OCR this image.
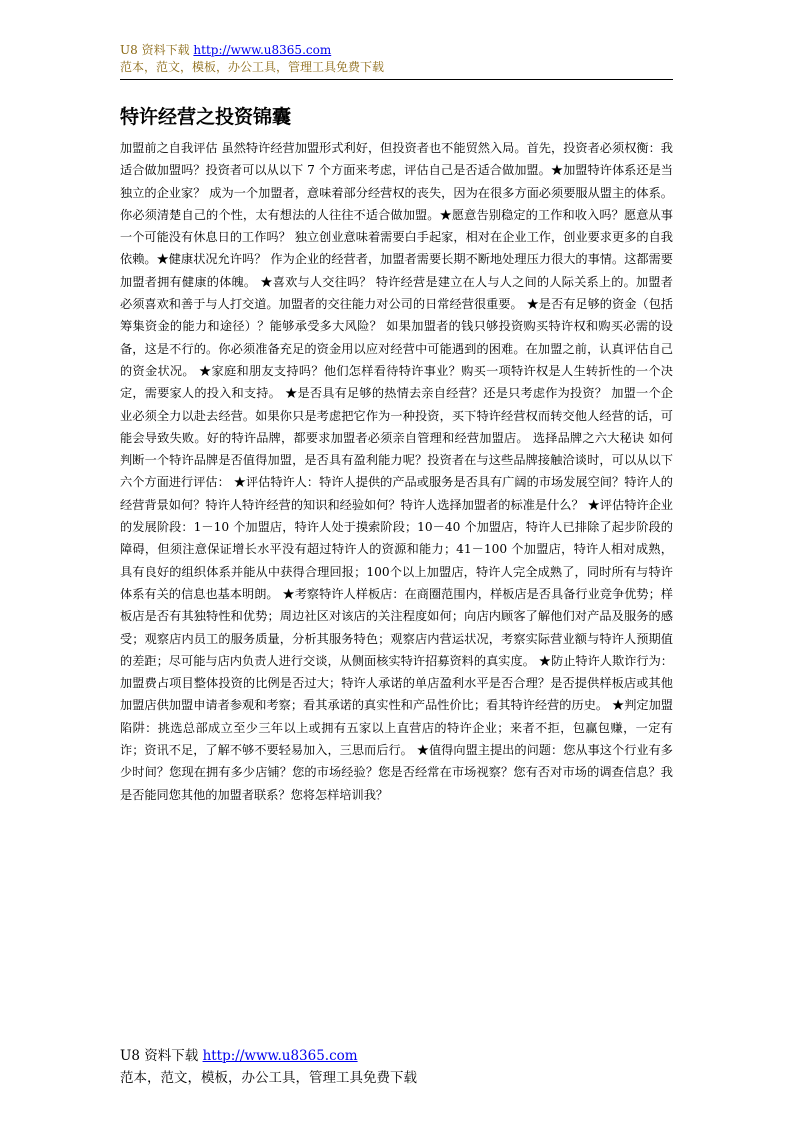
U8 资料下载 http://www.u8365.com
范本，范文，模板，办公工具，管理工具免费下载
特许经营之投资锦囊
加盟前之自我评估 虽然特许经营加盟形式利好，但投资者也不能贸然入局。首先，投资者必须权衡：我适合做加盟吗？投资者可以从以下 7 个方面来考虑，评估自己是否适合做加盟。★加盟特许体系还是当独立的企业家？ 成为一个加盟者，意味着部分经营权的丧失，因为在很多方面必须要服从盟主的体系。你必须清楚自己的个性，太有想法的人往往不适合做加盟。★愿意告别稳定的工作和收入吗？愿意从事一个可能没有休息日的工作吗？ 独立创业意味着需要白手起家，相对在企业工作，创业要求更多的自我依赖。★健康状况允许吗？ 作为企业的经营者，加盟者需要长期不断地处理压力很大的事情。这都需要加盟者拥有健康的体魄。 ★喜欢与人交往吗？ 特许经营是建立在人与人之间的人际关系上的。加盟者必须喜欢和善于与人打交道。加盟者的交往能力对公司的日常经营很重要。 ★是否有足够的资金（包括筹集资金的能力和途径）？能够承受多大风险？ 如果加盟者的钱只够投资购买特许权和购买必需的设备，这是不行的。你必须准备充足的资金用以应对经营中可能遇到的困难。在加盟之前，认真评估自己的资金状况。 ★家庭和朋友支持吗？他们怎样看待特许事业？购买一项特许权是人生转折性的一个决定，需要家人的投入和支持。 ★是否具有足够的热情去亲自经营？还是只考虑作为投资？ 加盟一个企业必须全力以赴去经营。如果你只是考虑把它作为一种投资，买下特许经营权而转交他人经营的话，可能会导致失败。好的特许品牌，都要求加盟者必须亲自管理和经营加盟店。 选择品牌之六大秘诀 如何判断一个特许品牌是否值得加盟，是否具有盈利能力呢？投资者在与这些品牌接触洽谈时，可以从以下六个方面进行评估： ★评估特许人：特许人提供的产品或服务是否具有广阔的市场发展空间？特许人的经营背景如何？特许人特许经营的知识和经验如何？特许人选择加盟者的标准是什么？ ★评估特许企业的发展阶段：1－10 个加盟店，特许人处于摸索阶段；10－40 个加盟店，特许人已排除了起步阶段的障碍，但须注意保证增长水平没有超过特许人的资源和能力；41－100 个加盟店，特许人相对成熟，具有良好的组织体系并能从中获得合理回报；100个以上加盟店，特许人完全成熟了，同时所有与特许体系有关的信息也基本明朗。 ★考察特许人样板店：在商圈范围内，样板店是否具备行业竞争优势；样板店是否有其独特性和优势；周边社区对该店的关注程度如何；向店内顾客了解他们对产品及服务的感受；观察店内员工的服务质量，分析其服务特色；观察店内营运状况，考察实际营业额与特许人预期值的差距；尽可能与店内负责人进行交谈，从侧面核实特许招募资料的真实度。 ★防止特许人欺诈行为：加盟费占项目整体投资的比例是否过大；特许人承诺的单店盈利水平是否合理？是否提供样板店或其他加盟店供加盟申请者参观和考察；看其承诺的真实性和产品性价比；看其特许经营的历史。 ★判定加盟陷阱：挑选总部成立至少三年以上或拥有五家以上直营店的特许企业；来者不拒，包赢包赚，一定有诈；资讯不足，了解不够不要轻易加入，三思而后行。 ★值得向盟主提出的问题：您从事这个行业有多少时间？您现在拥有多少店铺？您的市场经验？您是否经常在市场视察？您有否对市场的调查信息？我是否能同您其他的加盟者联系？您将怎样培训我？
U8 资料下载 http://www.u8365.com
范本，范文，模板，办公工具，管理工具免费下载
